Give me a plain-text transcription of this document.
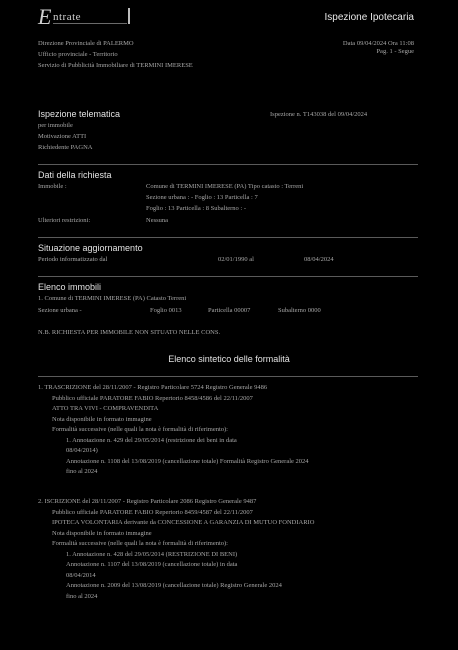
E ntrate	Ispezione Ipotecaria
Direzione Provinciale di PALERMO	Data 09/04/2024 Ora 11:08
Ufficio provinciale - Territorio	Pag. 1 - Segue
Servizio di Pubblicità Immobiliare di TERMINI IMERESE
Ispezione telematica	Ispezione n. T143038 del 09/04/2024
per immobile
Motivazione ATTI
Richiedente PAGNA
Dati della richiesta
Immobile :	Comune di TERMINI IMERESE (PA) Tipo catasto : Terreni
Sezione urbana : - Foglio : 13 Particella : 7
Foglio : 13 Particella : 8 Subalterno : -
Ulteriori restrizioni:	Nessuna
Situazione aggiornamento
Periodo informatizzato dal	02/01/1990 al	08/04/2024
Elenco immobili
1. Comune di TERMINI IMERESE (PA) Catasto Terreni
Sezione urbana -	Foglio 0013	Particella 00007	Subalterno 0000
N.B. RICHIESTA PER IMMOBILE NON SITUATO NELLE CONS.
Elenco sintetico delle formalità
1. TRASCRIZIONE del 28/11/2007 - Registro Particolare 5724 Registro Generale 9486
Pubblico ufficiale PARATORE FABIO Repertorio 8458/4586 del 22/11/2007
ATTO TRA VIVI - COMPRAVENDITA
Nota disponibile in formato immagine
Formalità successive (nelle quali la nota è formalità di riferimento):
1. Annotazione n. 429 del 29/05/2014 (restrizione dei beni in data
08/04/2014)
Annotazione n. 1108 del 13/08/2019 (cancellazione totale) Formalità Registro Generale 2024
fino al 2024
2. ISCRIZIONE del 28/11/2007 - Registro Particolare 2086 Registro Generale 9487
Pubblico ufficiale PARATORE FABIO Repertorio 8459/4587 del 22/11/2007
IPOTECA VOLONTARIA derivante da CONCESSIONE A GARANZIA DI MUTUO FONDIARIO
Nota disponibile in formato immagine
Formalità successive (nelle quali la nota è formalità di riferimento):
1. Annotazione n. 428 del 29/05/2014 (RESTRIZIONE DI BENI)
Annotazione n. 1107 del 13/08/2019 (cancellazione totale) in data
08/04/2014
Annotazione n. 2009 del 13/08/2019 (cancellazione totale) Registro Generale 2024
fino al 2024
